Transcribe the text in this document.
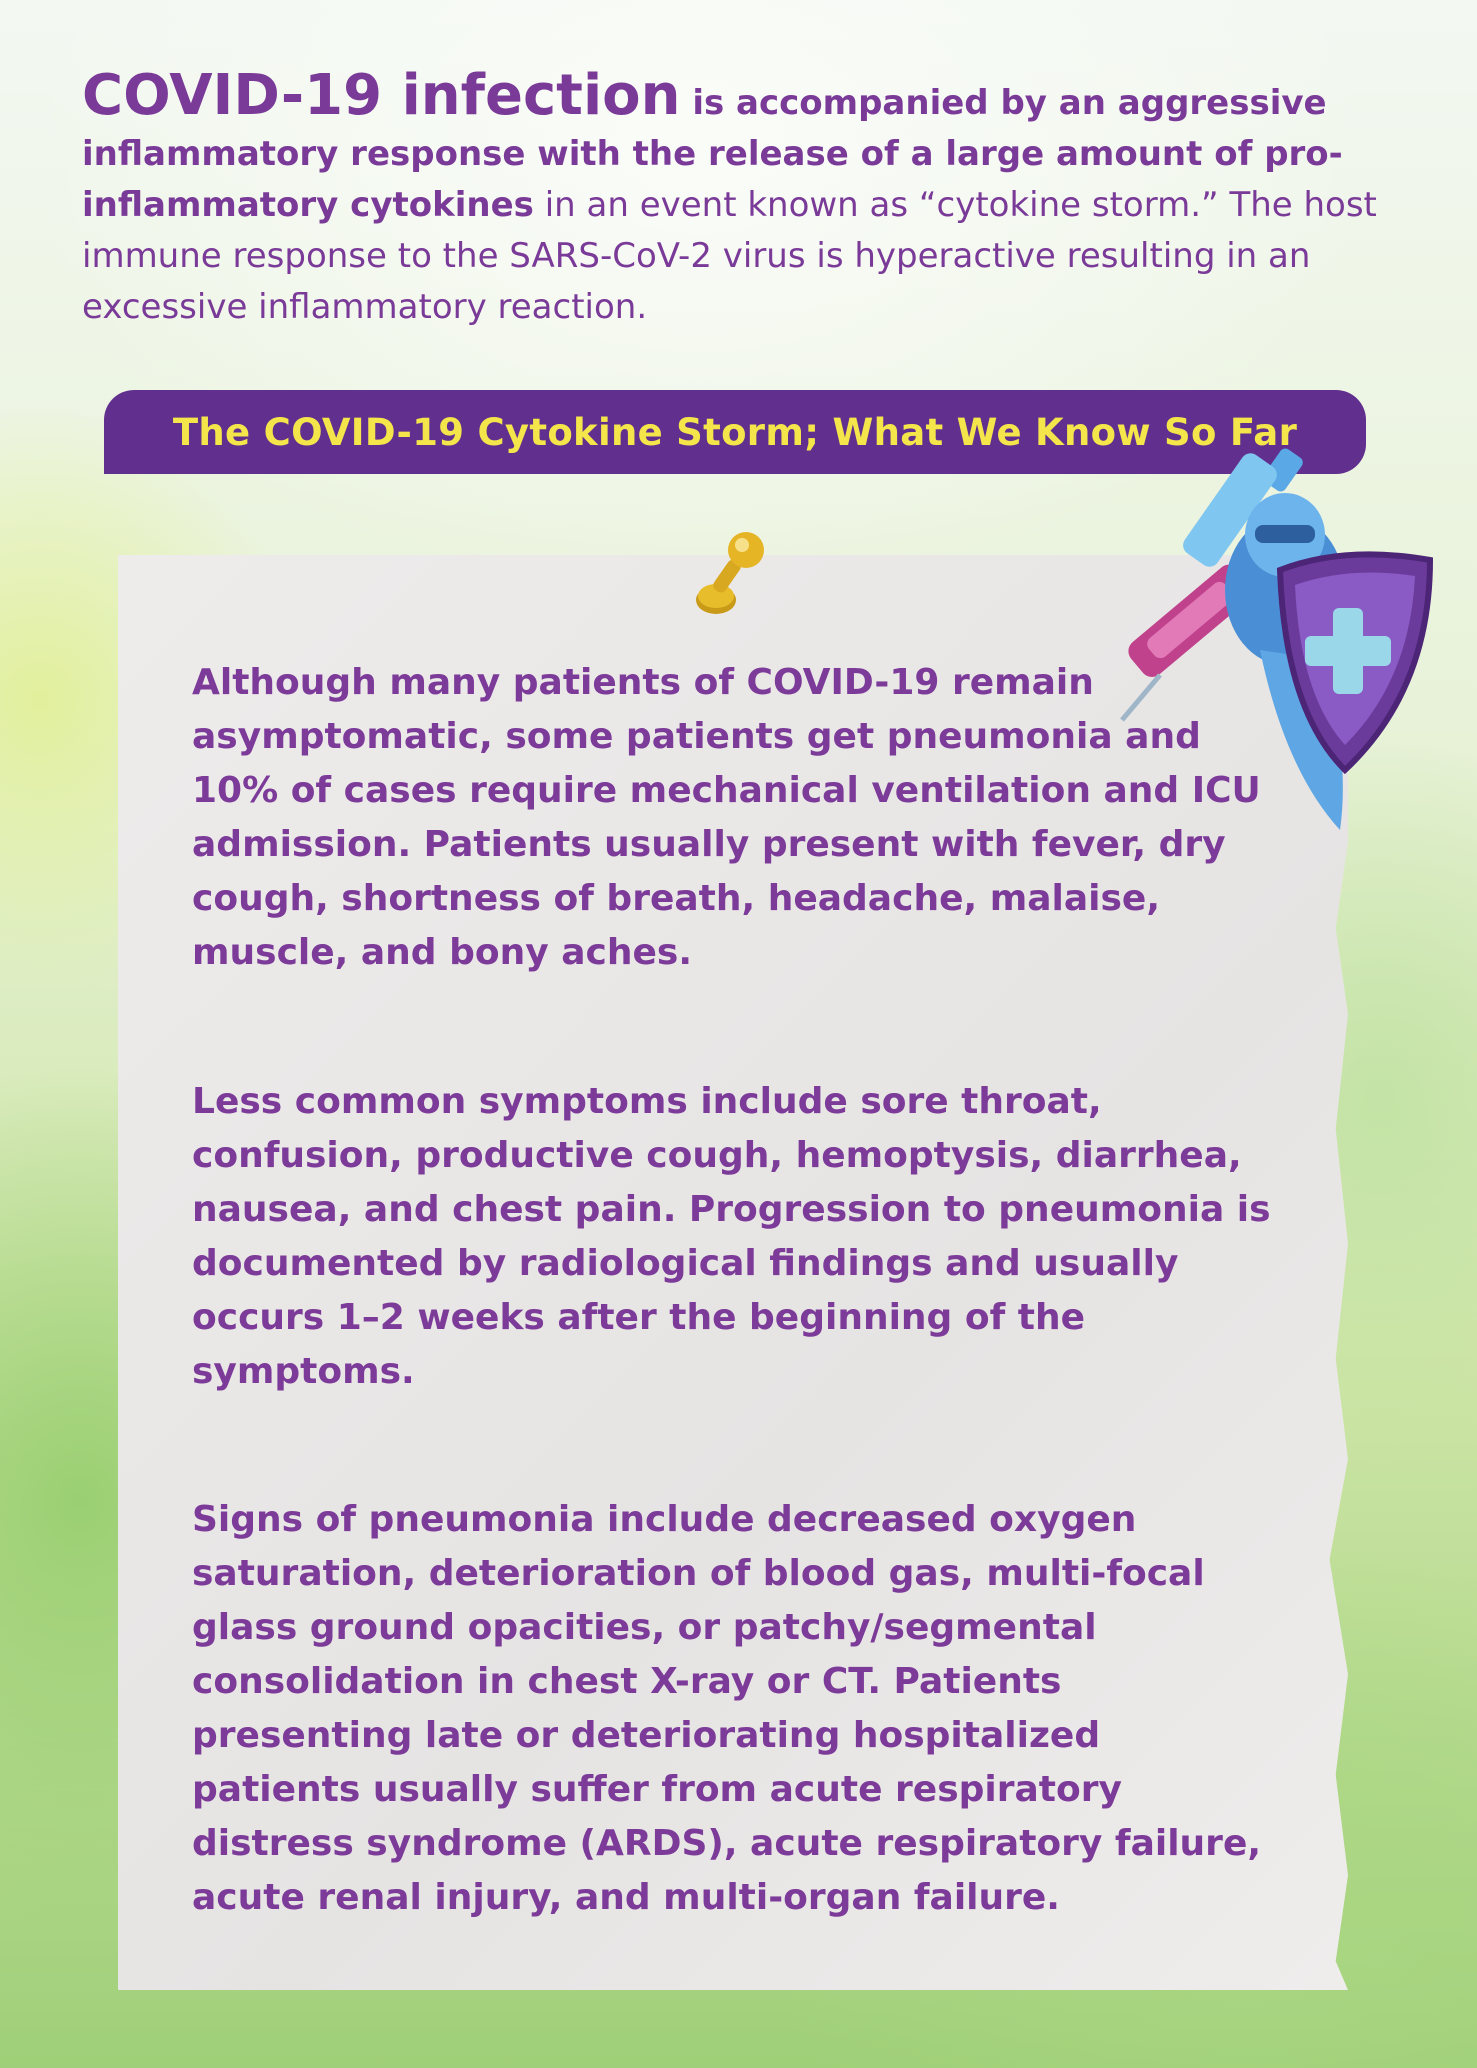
COVID-19 infection is accompanied by an aggressive inflammatory response with the release of a large amount of pro-inflammatory cytokines in an event known as “cytokine storm.” The host immune response to the SARS-CoV-2 virus is hyperactive resulting in an excessive inflammatory reaction.
The COVID-19 Cytokine Storm; What We Know So Far

Although many patients of COVID-19 remain asymptomatic, some patients get pneumonia and 10% of cases require mechanical ventilation and ICU admission. Patients usually present with fever, dry cough, shortness of breath, headache, malaise, muscle, and bony aches.

Less common symptoms include sore throat, confusion, productive cough, hemoptysis, diarrhea, nausea, and chest pain. Progression to pneumonia is documented by radiological findings and usually occurs 1–2 weeks after the beginning of the symptoms.

Signs of pneumonia include decreased oxygen saturation, deterioration of blood gas, multi-focal glass ground opacities, or patchy/segmental consolidation in chest X-ray or CT. Patients presenting late or deteriorating hospitalized patients usually suffer from acute respiratory distress syndrome (ARDS), acute respiratory failure, acute renal injury, and multi-organ failure.
